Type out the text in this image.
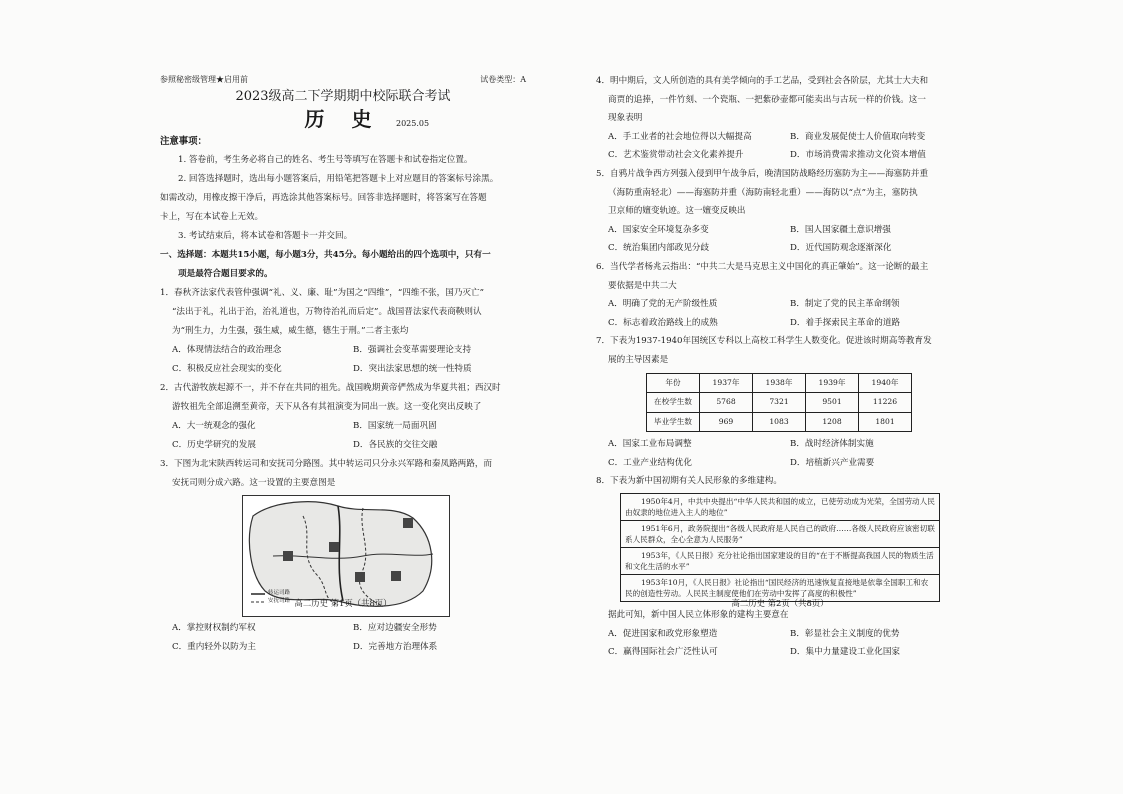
参照秘密级管理★启用前	试卷类型：A
2023级高二下学期期中校际联合考试
历 史	2025.05
注意事项：
1. 答卷前，考生务必将自己的姓名、考生号等填写在答题卡和试卷指定位置。
2. 回答选择题时，选出每小题答案后，用铅笔把答题卡上对应题目的答案标号涂黑。
如需改动，用橡皮擦干净后，再选涂其他答案标号。回答非选择题时，将答案写在答题
卡上，写在本试卷上无效。
3. 考试结束后，将本试卷和答题卡一并交回。
一、选择题：本题共15小题，每小题3分，共45分。每小题给出的四个选项中，只有一
项是最符合题目要求的。
1．春秋齐法家代表管仲强调“礼、义、廉、耻”为国之“四维”，“四维不张，国乃灭亡”
“法出于礼，礼出于治，治礼道也，万物待治礼而后定”。战国晋法家代表商鞅则认
为“刑生力，力生强，强生威，威生德，德生于刑。”二者主张均
A．体现情法结合的政治理念	B．强调社会变革需要理论支持
C．积极反应社会现实的变化	D．突出法家思想的统一性特质
2．古代游牧族起源不一，并不存在共同的祖先。战国晚期黄帝俨然成为华夏共祖；西汉时
游牧祖先全部追溯至黄帝，天下从各有其祖演变为同出一族。这一变化突出反映了
A．大一统观念的强化	B．国家统一局面巩固
C．历史学研究的发展	D．各民族的交往交融
3．下图为北宋陕西转运司和安抚司分路图。其中转运司只分永兴军路和秦凤路两路，而
安抚司则分成六路。这一设置的主要意图是
转运司路
安抚司路
A．掌控财权制约军权	B．应对边疆安全形势
C．重内轻外以防为主	D．完善地方治理体系
高二历史 第1页（共8页）
4．明中期后，文人所创造的具有美学倾向的手工艺品，受到社会各阶层，尤其士大夫和
商贾的追捧，一件竹刻、一个瓷瓶、一把紫砂壶都可能卖出与古玩一样的价钱。这一
现象表明
A．手工业者的社会地位得以大幅提高	B．商业发展促使士人价值取向转变
C．艺术鉴赏带动社会文化素养提升	D．市场消费需求推动文化资本增值
5．自鸦片战争西方列强入侵到甲午战争后，晚清国防战略经历塞防为主——海塞防并重
（海防重南轻北）——海塞防并重（海防南轻北重）——海防以“点”为主，塞防执
卫京师的嬗变轨迹。这一嬗变反映出
A．国家安全环境复杂多变	B．国人国家疆土意识增强
C．统治集团内部政见分歧	D．近代国防观念逐渐深化
6．当代学者杨兆云指出：“中共二大是马克思主义中国化的真正肇始”。这一论断的最主
要依据是中共二大
A．明确了党的无产阶级性质	B．制定了党的民主革命纲领
C．标志着政治路线上的成熟	D．着手探索民主革命的道路
7．下表为1937-1940年国统区专科以上高校工科学生人数变化。促进该时期高等教育发
展的主导因素是
年份	1937年	1938年	1939年	1940年
在校学生数	5768	7321	9501	11226
毕业学生数	969	1083	1208	1801
A．国家工业布局调整	B．战时经济体制实施
C．工业产业结构优化	D．培植新兴产业需要
8．下表为新中国初期有关人民形象的多维建构。
1950年4月，中共中央提出“中华人民共和国的成立，已使劳动成为光荣，全国劳动人民由奴隶的地位进入主人的地位”
1951年6月，政务院提出“各级人民政府是人民自己的政府……各级人民政府应该密切联系人民群众，全心全意为人民服务”
1953年，《人民日报》充分社论指出国家建设的目的“在于不断提高我国人民的物质生活和文化生活的水平”
1953年10月，《人民日报》社论指出“国民经济的迅速恢复直接地是依靠全国职工和农民的创造性劳动。人民民主制度使他们在劳动中发挥了高度的积极性”
据此可知，新中国人民立体形象的建构主要意在
A．促进国家和政党形象塑造	B．彰显社会主义制度的优势
C．赢得国际社会广泛性认可	D．集中力量建设工业化国家
高二历史 第2页（共8页）
